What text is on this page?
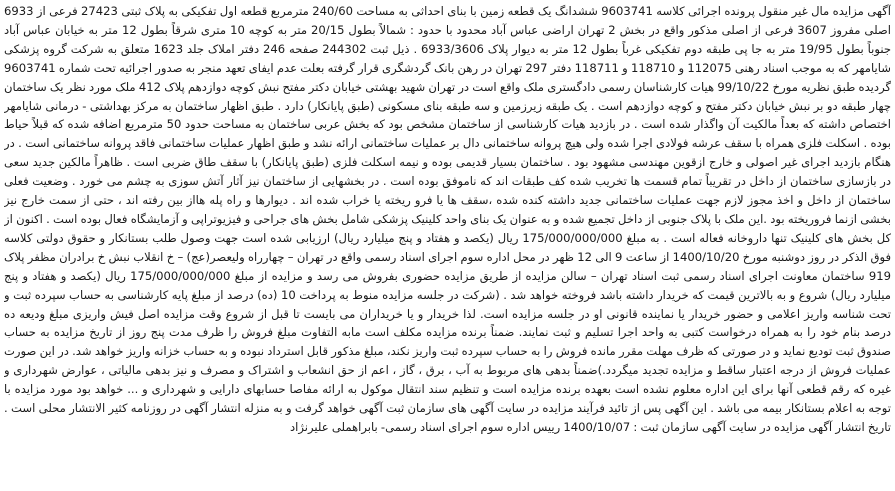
آگهی مزایده مال غیر منقول پرونده اجرائی کلاسه 9603741 ششدانگ یک قطعه زمین با بنای احداثی به مساحت 240/60 مترمربع قطعه اول تفکیکی به پلاک ثبتی 27423 فرعی از 6933 اصلی مفروز 3607 فرعی از اصلی مذکور واقع در بخش 2 تهران اراضی عباس آباد محدود با حدود : شمالاً بطول 20/15 متر به کوچه 10 متری شرقاً بطول 12 متر به خیابان عباس آباد جنوباً بطول 19/95 متر به جا پی طبقه دوم تفکیکی غرباً بطول 12 متر به دیوار پلاک 6933/3606 . ذیل ثبت 244302 صفحه 246 دفتر املاک جلد 1623 متعلق به شرکت گروه پزشکی شایامهر که به موجب اسناد رهنی 112075 و 118710 و 118711 دفتر 297 تهران در رهن بانک گردشگری قرار گرفته بعلت عدم ایفای تعهد منجر به صدور اجرائیه تحت شماره 9603741 گردیده طبق نظریه مورخ 99/10/22 هیات کارشناسان رسمی دادگستری ملک واقع است در تهران شهید بهشتی خیابان دکتر مفتح نبش کوچه دوازدهم پلاک 412 ملک مورد نظر یک ساختمان چهار طبقه دو بر نبش خیابان دکتر مفتح و کوچه دوازدهم است . یک طبقه زیرزمین و سه طبقه بنای مسکونی (طبق پایانکار) دارد . طبق اظهار ساختمان به مرکز بهداشتی - درمانی شایامهر اختصاص داشته که بعداً مالکیت آن واگذار شده است . در بازدید هیات کارشناسی از ساختمان مشخص بود که بخش عربی ساختمان به مساحت حدود 50 مترمربع اضافه شده که قبلاً حیاط بوده . اسکلت فلزی همراه با سقف عرشه فولادی اجرا شده ولی هیچ پروانه ساختمانی دال بر عملیات ساختمانی ارائه نشد و طبق اظهار عملیات ساختمانی فاقد پروانه ساختمانی است . در هنگام بازدید اجرای غیر اصولی و خارج ازقوین مهندسی مشهود بود . ساختمان بسیار قدیمی بوده و نیمه اسکلت فلزی (طبق پایانکار) با سقف طاق ضربی است . ظاهراً مالکین جدید سعی در بازسازی ساختمان از داخل در تقریباً تمام قسمت ها تخریب شده کف طبقات اند که ناموفق بوده است . در بخشهایی از ساختمان نیز آثار آتش سوزی به چشم می خورد . وضعیت فعلی ساختمان از داخل و اخذ مجوز لازم جهت عملیات ساختمانی جدید داشته کنده شده ،سقف ها یا فرو ریخته یا خراب شده اند . دیوارها و راه پله هااز بین رفته اند ، حتی از سمت خارج نیز بخشی ازنما فروریخته بود .این ملک با پلاک جنوبی از داخل تجمیع شده و به عنوان یک بنای واحد کلینیک پزشکی شامل بخش های جراحی و فیزیوتراپی و آزمایشگاه فعال بوده است . اکنون از کل بخش های کلینیک تنها داروخانه فعاله است . به مبلغ 175/000/000/000 ریال (یکصد و هفتاد و پنج میلیارد ریال) ارزیابی شده است جهت وصول طلب بستانکار و حقوق دولتی کلاسه فوق الذکر در روز دوشنبه مورخ 1400/10/20 از ساعت 9 الی 12 ظهر در محل اداره سوم اجرای اسناد رسمی واقع در تهران – چهارراه ولیعصر(عج) – خ انقلاب نبش خ برادران مظفر پلاک 919 ساختمان معاونت اجرای اسناد رسمی ثبت اسناد تهران – سالن مزایده از طریق مزایده حضوری بفروش می رسد و مزایده از مبلغ 175/000/000/000 ریال (یکصد و هفتاد و پنج میلیارد ریال) شروع و به بالاترین قیمت که خریدار داشته باشد فروخته خواهد شد . (شرکت در جلسه مزایده منوط به پرداخت 10 (ده) درصد از مبلغ پایه کارشناسی به حساب سپرده ثبت و تحت شناسه واریز اعلامی و حضور خریدار یا نماینده قانونی او در جلسه مزایده است. لذا خریدار و یا خریداران می بایست تا قبل از شروع وقت مزایده اصل فیش واریزی مبلغ ودیعه ده درصد بنام خود را به همراه درخواست کتبی به واحد اجرا تسلیم و ثبت نمایند. ضمناً برنده مزایده مکلف است مابه التفاوت مبلغ فروش را ظرف مدت پنج روز از تاریخ مزایده به حساب صندوق ثبت تودیع نماید و در صورتی که ظرف مهلت مقرر مانده فروش را به حساب سپرده ثبت واریز نکند، مبلغ مذکور قابل استرداد نبوده و به حساب خزانه واریز خواهد شد. در این صورت عملیات فروش از درجه اعتبار ساقط و مزایده تجدید میگردد.)ضمناً بدهی های مربوط به آب ، برق ، گاز ، اعم از حق انشعاب و اشتراک و مصرف و نیز بدهی مالیاتی ، عوارض شهرداری و غیره که رقم قطعی آنها برای این اداره معلوم نشده است بعهده برنده مزایده است و تنظیم سند انتقال موکول به ارائه مفاصا حسابهای دارایی و شهرداری و ... خواهد بود مورد مزایده با توجه به اعلام بستانکار بیمه می باشد . این آگهی پس از تائید فرآیند مزایده در سایت آگهی های سازمان ثبت آگهی خواهد گرفت و به منزله انتشار آگهی در روزنامه کثیر الانتشار محلی است . تاریخ انتشار آگهی مزایده در سایت آگهی سازمان ثبت : 1400/10/07 رییس اداره سوم اجرای اسناد رسمی- بابراهملی علیرنژاد
